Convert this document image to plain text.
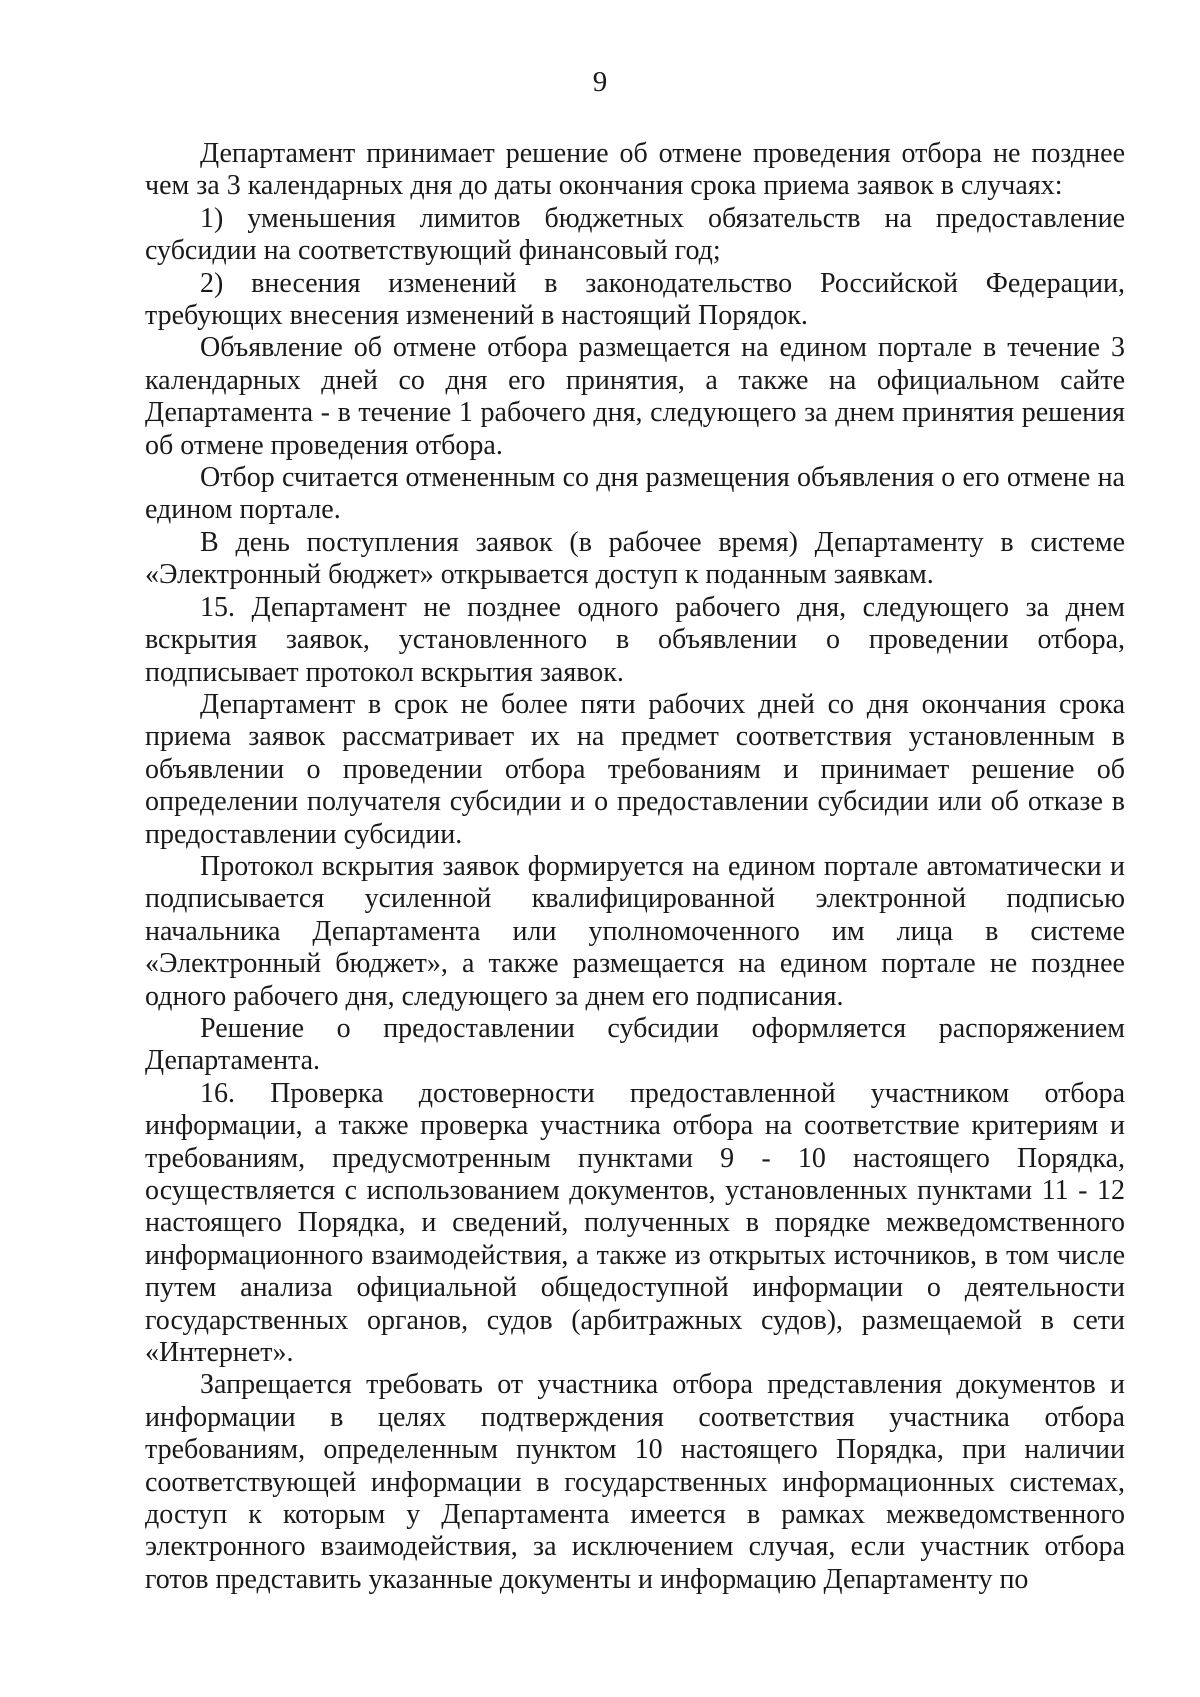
9

Департамент принимает решение об отмене проведения отбора не позднее чем за 3 календарных дня до даты окончания срока приема заявок в случаях:

1) уменьшения лимитов бюджетных обязательств на предоставление субсидии на соответствующий финансовый год;

2) внесения изменений в законодательство Российской Федерации, требующих внесения изменений в настоящий Порядок.

Объявление об отмене отбора размещается на едином портале в течение 3 календарных дней со дня его принятия, а также на официальном сайте Департамента - в течение 1 рабочего дня, следующего за днем принятия решения об отмене проведения отбора.

Отбор считается отмененным со дня размещения объявления о его отмене на едином портале.

В день поступления заявок (в рабочее время) Департаменту в системе «Электронный бюджет» открывается доступ к поданным заявкам.

15. Департамент не позднее одного рабочего дня, следующего за днем вскрытия заявок, установленного в объявлении о проведении отбора, подписывает протокол вскрытия заявок.

Департамент в срок не более пяти рабочих дней со дня окончания срока приема заявок рассматривает их на предмет соответствия установленным в объявлении о проведении отбора требованиям и принимает решение об определении получателя субсидии и о предоставлении субсидии или об отказе в предоставлении субсидии.

Протокол вскрытия заявок формируется на едином портале автоматически и подписывается усиленной квалифицированной электронной подписью начальника Департамента или уполномоченного им лица в системе «Электронный бюджет», а также размещается на едином портале не позднее одного рабочего дня, следующего за днем его подписания.

Решение о предоставлении субсидии оформляется распоряжением Департамента.

16. Проверка достоверности предоставленной участником отбора информации, а также проверка участника отбора на соответствие критериям и требованиям, предусмотренным пунктами 9 - 10 настоящего Порядка, осуществляется с использованием документов, установленных пунктами 11 - 12 настоящего Порядка, и сведений, полученных в порядке межведомственного информационного взаимодействия, а также из открытых источников, в том числе путем анализа официальной общедоступной информации о деятельности государственных органов, судов (арбитражных судов), размещаемой в сети «Интернет».

Запрещается требовать от участника отбора представления документов и информации в целях подтверждения соответствия участника отбора требованиям, определенным пунктом 10 настоящего Порядка, при наличии соответствующей информации в государственных информационных системах, доступ к которым у Департамента имеется в рамках межведомственного электронного взаимодействия, за исключением случая, если участник отбора готов представить указанные документы и информацию Департаменту по
